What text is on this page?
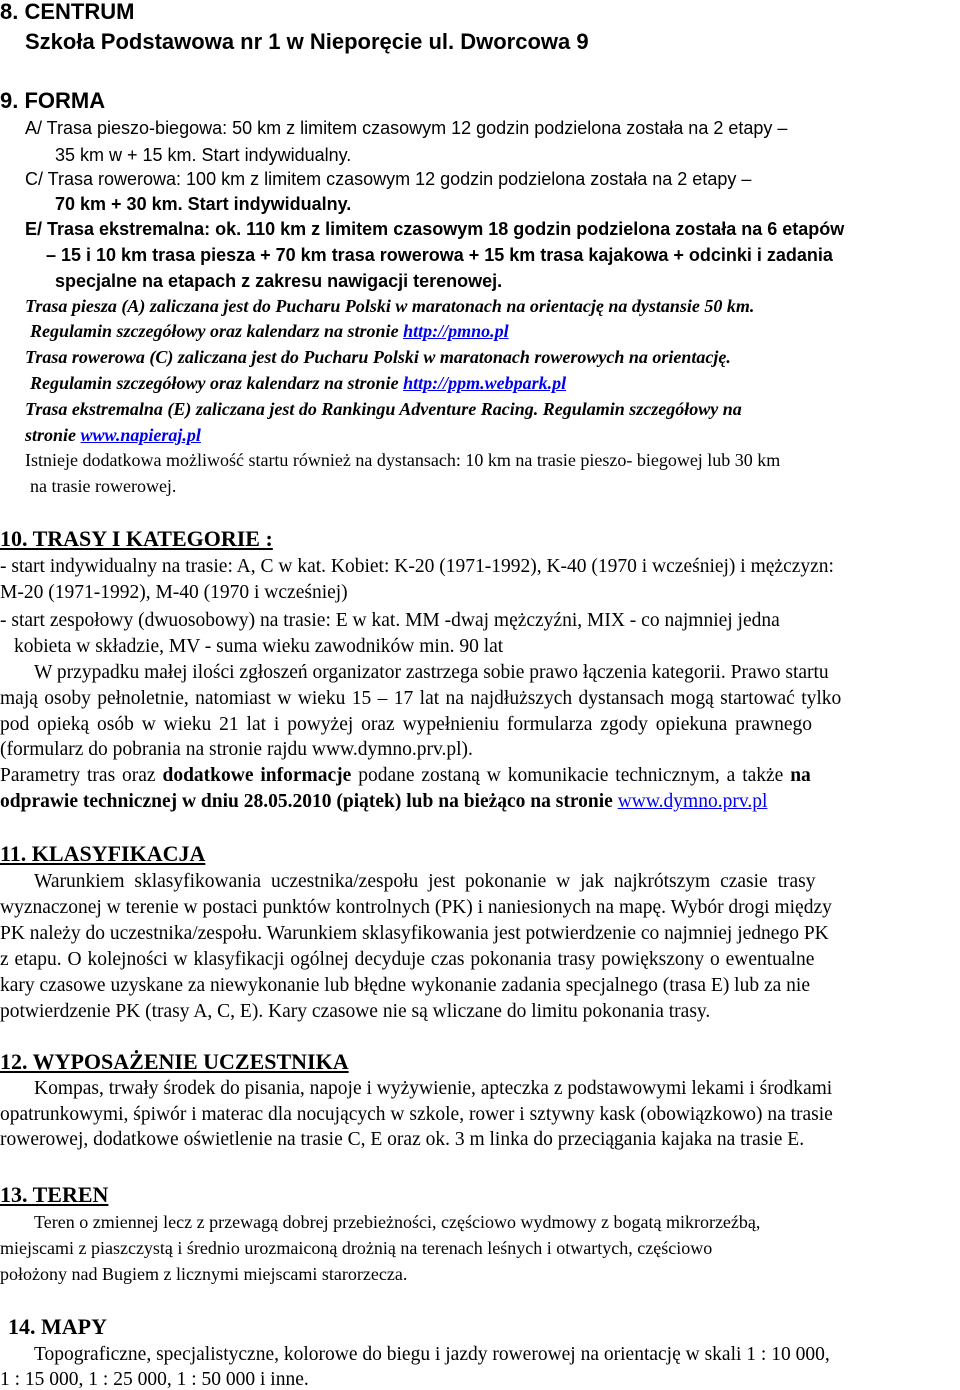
8. CENTRUM
Szkoła Podstawowa nr 1 w Nieporęcie ul. Dworcowa 9
9. FORMA
A/ Trasa pieszo-biegowa: 50 km z limitem czasowym 12 godzin podzielona została na 2 etapy –
35 km w + 15 km. Start indywidualny.
C/ Trasa rowerowa: 100 km z limitem czasowym 12 godzin podzielona została na 2 etapy –
70 km + 30 km. Start indywidualny.
E/ Trasa ekstremalna: ok. 110 km z limitem czasowym 18 godzin podzielona została na 6 etapów
– 15 i 10 km trasa piesza + 70 km trasa rowerowa + 15 km trasa kajakowa + odcinki i zadania
specjalne na etapach z zakresu nawigacji terenowej.
Trasa piesza (A) zaliczana jest do Pucharu Polski w maratonach na orientację na dystansie 50 km.
Regulamin szczegółowy oraz kalendarz na stronie http://pmno.pl
Trasa rowerowa (C) zaliczana jest do Pucharu Polski w maratonach rowerowych na orientację.
Regulamin szczegółowy oraz kalendarz na stronie http://ppm.webpark.pl
Trasa ekstremalna (E) zaliczana jest do Rankingu Adventure Racing. Regulamin szczegółowy na
stronie www.napieraj.pl
Istnieje dodatkowa możliwość startu również na dystansach: 10 km na trasie pieszo- biegowej lub 30 km
na trasie rowerowej.
10. TRASY I KATEGORIE :
- start indywidualny na trasie: A, C w kat. Kobiet: K-20 (1971-1992), K-40 (1970 i wcześniej) i mężczyzn:
M-20 (1971-1992), M-40 (1970 i wcześniej)
- start zespołowy (dwuosobowy) na trasie: E w kat. MM -dwaj mężczyźni, MIX - co najmniej jedna
kobieta w składzie, MV - suma wieku zawodników min. 90 lat
W przypadku małej ilości zgłoszeń organizator zastrzega sobie prawo łączenia kategorii. Prawo startu
mają osoby pełnoletnie, natomiast w wieku 15 – 17 lat na najdłuższych dystansach mogą startować tylko
pod opieką osób w wieku 21 lat i powyżej oraz wypełnieniu formularza zgody opiekuna prawnego
(formularz do pobrania na stronie rajdu www.dymno.prv.pl).
Parametry tras oraz dodatkowe informacje podane zostaną w komunikacie technicznym, a także na
odprawie technicznej w dniu 28.05.2010 (piątek) lub na bieżąco na stronie www.dymno.prv.pl
11. KLASYFIKACJA
Warunkiem sklasyfikowania uczestnika/zespołu jest pokonanie w jak najkrótszym czasie trasy
wyznaczonej w terenie w postaci punktów kontrolnych (PK) i naniesionych na mapę. Wybór drogi między
PK należy do uczestnika/zespołu. Warunkiem sklasyfikowania jest potwierdzenie co najmniej jednego PK
z etapu. O kolejności w klasyfikacji ogólnej decyduje czas pokonania trasy powiększony o ewentualne
kary czasowe uzyskane za niewykonanie lub błędne wykonanie zadania specjalnego (trasa E) lub za nie
potwierdzenie PK (trasy A, C, E). Kary czasowe nie są wliczane do limitu pokonania trasy.
12. WYPOSAŻENIE UCZESTNIKA
Kompas, trwały środek do pisania, napoje i wyżywienie, apteczka z podstawowymi lekami i środkami
opatrunkowymi, śpiwór i materac dla nocujących w szkole, rower i sztywny kask (obowiązkowo) na trasie
rowerowej, dodatkowe oświetlenie na trasie C, E oraz ok. 3 m linka do przeciągania kajaka na trasie E.
13. TEREN
Teren o zmiennej lecz z przewagą dobrej przebieżności, częściowo wydmowy z bogatą mikrorzeźbą,
miejscami z piaszczystą i średnio urozmaiconą drożnią na terenach leśnych i otwartych, częściowo
położony nad Bugiem z licznymi miejscami starorzecza.
14. MAPY
Topograficzne, specjalistyczne, kolorowe do biegu i jazdy rowerowej na orientację w skali 1 : 10 000,
1 : 15 000, 1 : 25 000, 1 : 50 000 i inne.
